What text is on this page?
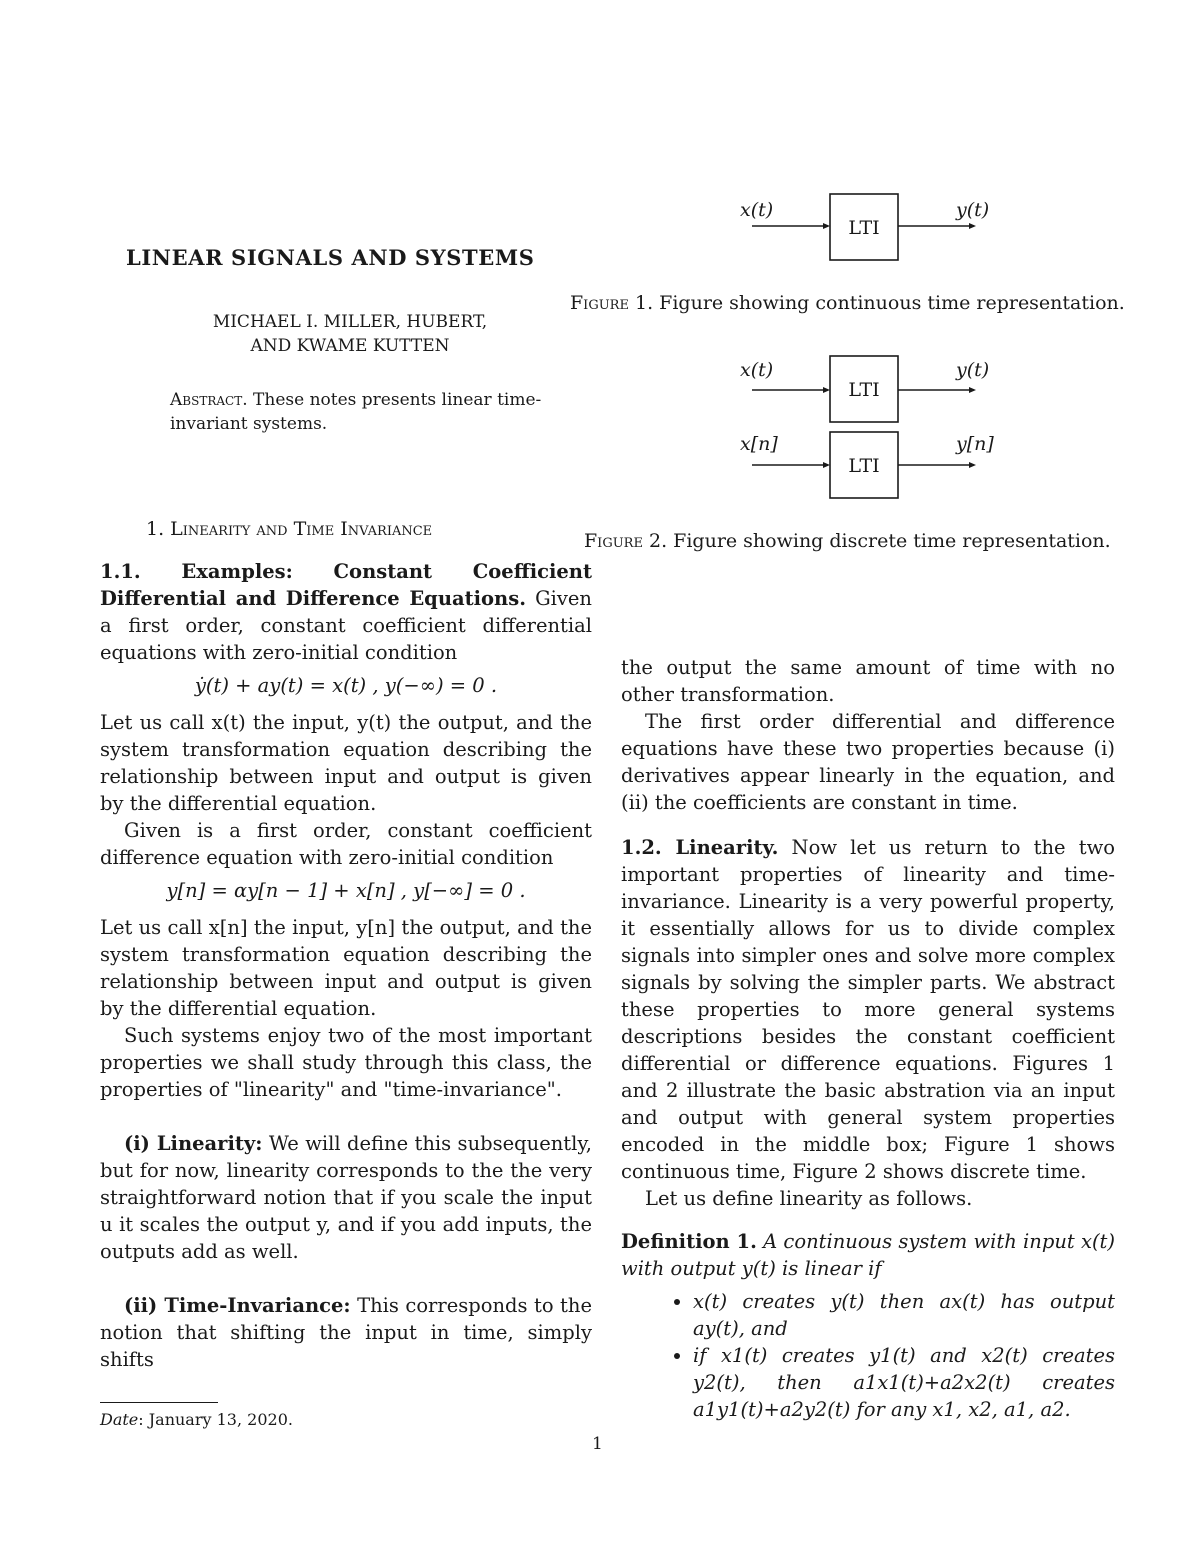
LINEAR SIGNALS AND SYSTEMS
MICHAEL I. MILLER, HUBERT,
AND KWAME KUTTEN
Abstract. These notes presents linear time-invariant systems.
x(t)
LTI
y(t)
Figure 1. Figure showing continuous time representation.
x(t)
LTI
y(t)
x[n]
LTI
y[n]
Figure 2. Figure showing discrete time representation.
1. Linearity and Time Invariance

1.1. Examples: Constant Coefficient Differential and Difference Equations. Given a first order, constant coefficient differential equations with zero-initial condition

ẏ(t) + ay(t) = x(t) , y(−∞) = 0 .

Let us call x(t) the input, y(t) the output, and the system transformation equation describing the relationship between input and output is given by the differential equation.

Given is a first order, constant coefficient difference equation with zero-initial condition

y[n] = αy[n − 1] + x[n] , y[−∞] = 0 .

Let us call x[n] the input, y[n] the output, and the system transformation equation describing the relationship between input and output is given by the differential equation.

Such systems enjoy two of the most important properties we shall study through this class, the properties of "linearity" and "time-invariance".

(i) Linearity: We will define this subsequently, but for now, linearity corresponds to the the very straightforward notion that if you scale the input u it scales the output y, and if you add inputs, the outputs add as well.

(ii) Time-Invariance: This corresponds to the notion that shifting the input in time, simply shifts

the output the same amount of time with no other transformation.

The first order differential and difference equations have these two properties because (i) derivatives appear linearly in the equation, and (ii) the coefficients are constant in time.

1.2. Linearity. Now let us return to the two important properties of linearity and time-invariance. Linearity is a very powerful property, it essentially allows for us to divide complex signals into simpler ones and solve more complex signals by solving the simpler parts. We abstract these properties to more general systems descriptions besides the constant coefficient differential or difference equations. Figures 1 and 2 illustrate the basic abstration via an input and output with general system properties encoded in the middle box; Figure 1 shows continuous time, Figure 2 shows discrete time.

Let us define linearity as follows.

Definition 1. A continuous system with input x(t) with output y(t) is linear if

• x(t) creates y(t) then ax(t) has output ay(t), and
• if x1(t) creates y1(t) and x2(t) creates y2(t), then a1x1(t)+a2x2(t) creates a1y1(t)+a2y2(t) for any x1, x2, a1, a2.
Date: January 13, 2020.
1
